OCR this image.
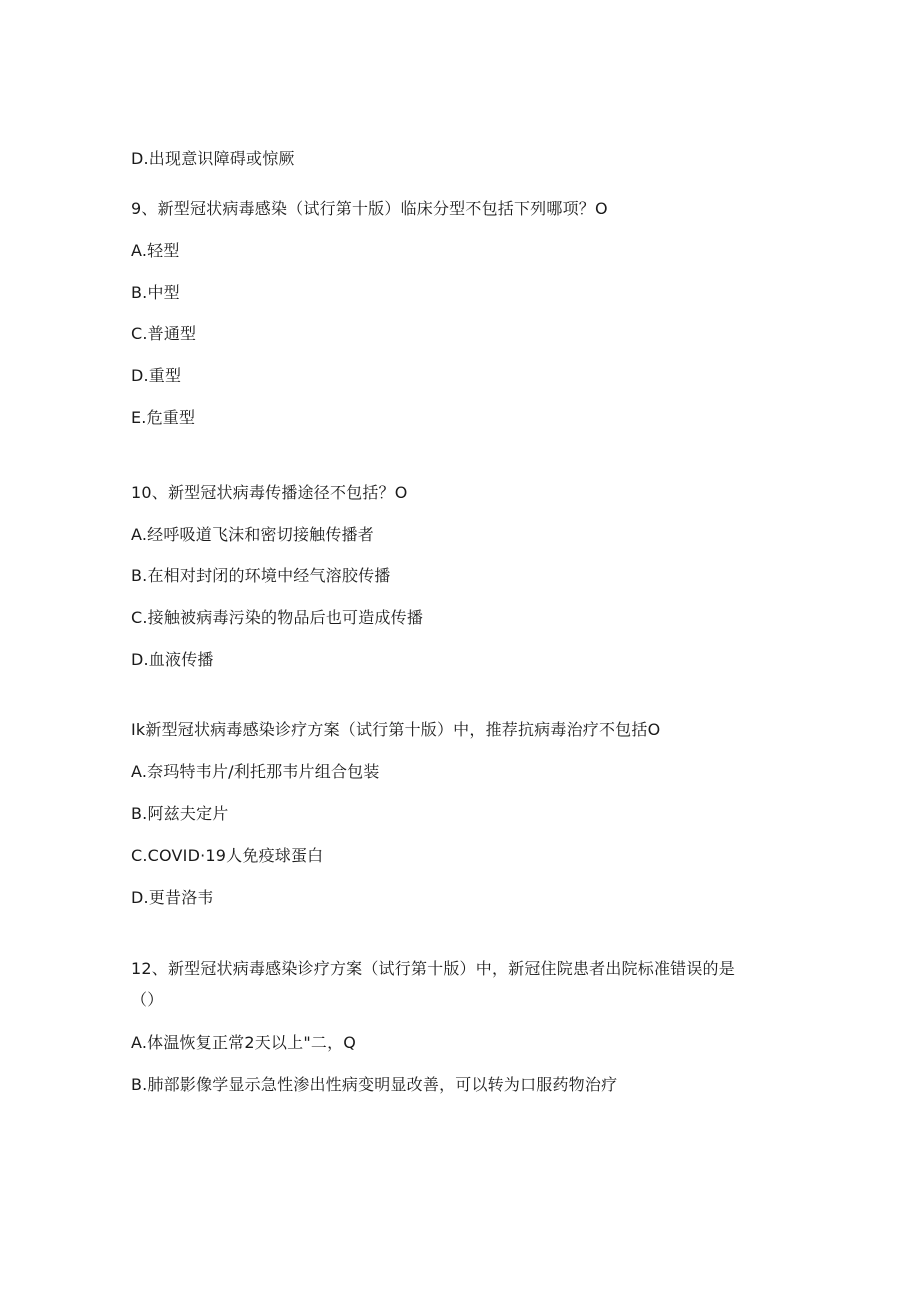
D.出现意识障碍或惊厥
9、新型冠状病毒感染（试行第十版）临床分型不包括下列哪项？O
A.轻型
B.中型
C.普通型
D.重型
E.危重型
10、新型冠状病毒传播途径不包括？O
A.经呼吸道飞沫和密切接触传播者
B.在相对封闭的环境中经气溶胶传播
C.接触被病毒污染的物品后也可造成传播
D.血液传播
Ik新型冠状病毒感染诊疗方案（试行第十版）中，推荐抗病毒治疗不包括O
A.奈玛特韦片/利托那韦片组合包装
B.阿兹夫定片
C.COVID·19人免疫球蛋白
D.更昔洛韦
12、新型冠状病毒感染诊疗方案（试行第十版）中，新冠住院患者出院标准错误的是
（）
A.体温恢复正常2天以上"二，Q
B.肺部影像学显示急性渗出性病变明显改善，可以转为口服药物治疗
